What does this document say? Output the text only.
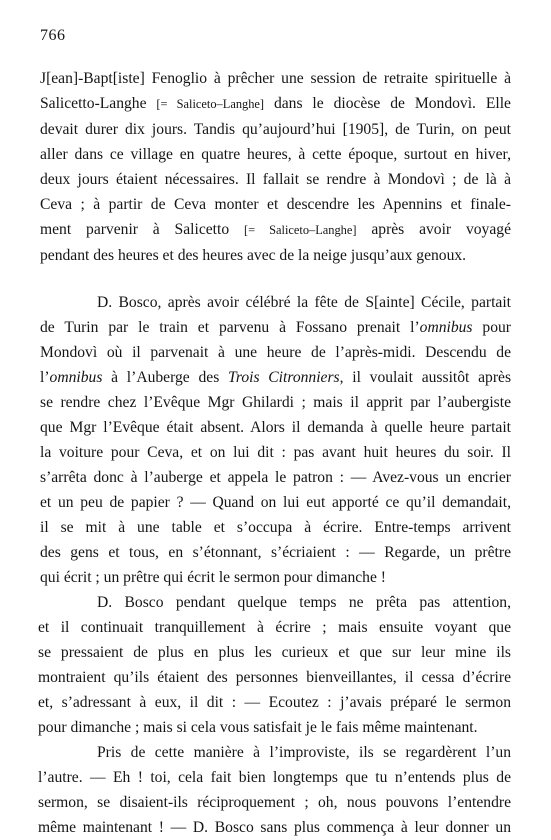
766
J[ean]-Bapt[iste] Fenoglio à prêcher une session de retraite spirituelle à
Salicetto-Langhe [= Saliceto–Langhe] dans le diocèse de Mondovì. Elle
devait durer dix jours. Tandis qu’aujourd’hui [1905], de Turin, on peut
aller dans ce village en quatre heures, à cette époque, surtout en hiver,
deux jours étaient nécessaires. Il fallait se rendre à Mondovì ; de là à
Ceva ; à partir de Ceva monter et descendre les Apennins et finale-
ment parvenir à Salicetto [= Saliceto–Langhe] après avoir voyagé
pendant des heures et des heures avec de la neige jusqu’aux genoux.
D. Bosco, après avoir célébré la fête de S[ainte] Cécile, partait
de Turin par le train et parvenu à Fossano prenait l’omnibus pour
Mondovì où il parvenait à une heure de l’après-midi. Descendu de
l’omnibus à l’Auberge des Trois Citronniers, il voulait aussitôt après
se rendre chez l’Evêque Mgr Ghilardi ; mais il apprit par l’aubergiste
que Mgr l’Evêque était absent. Alors il demanda à quelle heure partait
la voiture pour Ceva, et on lui dit : pas avant huit heures du soir. Il
s’arrêta donc à l’auberge et appela le patron : — Avez-vous un encrier
et un peu de papier ? — Quand on lui eut apporté ce qu’il demandait,
il se mit à une table et s’occupa à écrire. Entre-temps arrivent
des gens et tous, en s’étonnant, s’écriaient : — Regarde, un prêtre
qui écrit ; un prêtre qui écrit le sermon pour dimanche !
D. Bosco pendant quelque temps ne prêta pas attention,
et il continuait tranquillement à écrire ; mais ensuite voyant que
se pressaient de plus en plus les curieux et que sur leur mine ils
montraient qu’ils étaient des personnes bienveillantes, il cessa d’écrire
et, s’adressant à eux, il dit : — Ecoutez : j’avais préparé le sermon
pour dimanche ; mais si cela vous satisfait je le fais même maintenant.
Pris de cette manière à l’improviste, ils se regardèrent l’un
l’autre. — Eh ! toi, cela fait bien longtemps que tu n’entends plus de
sermon, se disaient-ils réciproquement ; oh, nous pouvons l’entendre
même maintenant ! — D. Bosco sans plus commença à leur donner un
